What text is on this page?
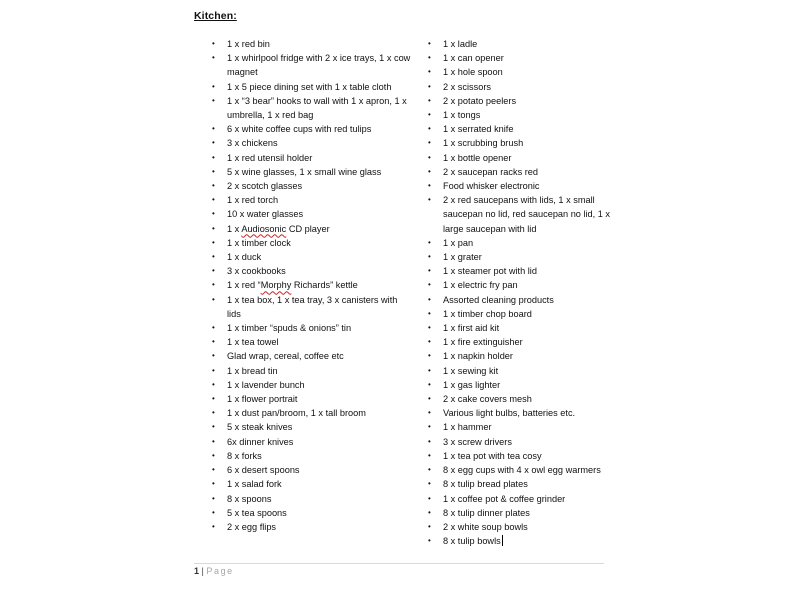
Kitchen:
• 1 x red bin
• 1 x whirlpool fridge with 2 x ice trays, 1 x cow magnet
• 1 x 5 piece dining set with 1 x table cloth
• 1 x “3 bear” hooks to wall with 1 x apron, 1 x umbrella, 1 x red bag
• 6 x white coffee cups with red tulips
• 3 x chickens
• 1 x red utensil holder
• 5 x wine glasses, 1 x small wine glass
• 2 x scotch glasses
• 1 x red torch
• 10 x water glasses
• 1 x Audiosonic CD player
• 1 x timber clock
• 1 x duck
• 3 x cookbooks
• 1 x red “Morphy Richards” kettle
• 1 x tea box, 1 x tea tray, 3 x canisters with lids
• 1 x timber “spuds & onions” tin
• 1 x tea towel
• Glad wrap, cereal, coffee etc
• 1 x bread tin
• 1 x lavender bunch
• 1 x flower portrait
• 1 x dust pan/broom, 1 x tall broom
• 5 x steak knives
• 6x dinner knives
• 8 x forks
• 6 x desert spoons
• 1 x salad fork
• 8 x spoons
• 5 x tea spoons
• 2 x egg flips
• 1 x ladle
• 1 x can opener
• 1 x hole spoon
• 2 x scissors
• 2 x potato peelers
• 1 x tongs
• 1 x serrated knife
• 1 x scrubbing brush
• 1 x bottle opener
• 2 x saucepan racks red
• Food whisker electronic
• 2 x red saucepans with lids, 1 x small saucepan no lid, red saucepan no lid, 1 x large saucepan with lid
• 1 x pan
• 1 x grater
• 1 x steamer pot with lid
• 1 x electric fry pan
• Assorted cleaning products
• 1 x timber chop board
• 1 x first aid kit
• 1 x fire extinguisher
• 1 x napkin holder
• 1 x sewing kit
• 1 x gas lighter
• 2 x cake covers mesh
• Various light bulbs, batteries etc.
• 1 x hammer
• 3 x screw drivers
• 1 x tea pot with tea cosy
• 8 x egg cups with 4 x owl egg warmers
• 8 x tulip bread plates
• 1 x coffee pot & coffee grinder
• 8 x tulip dinner plates
• 2 x white soup bowls
• 8 x tulip bowls
1 | Page
